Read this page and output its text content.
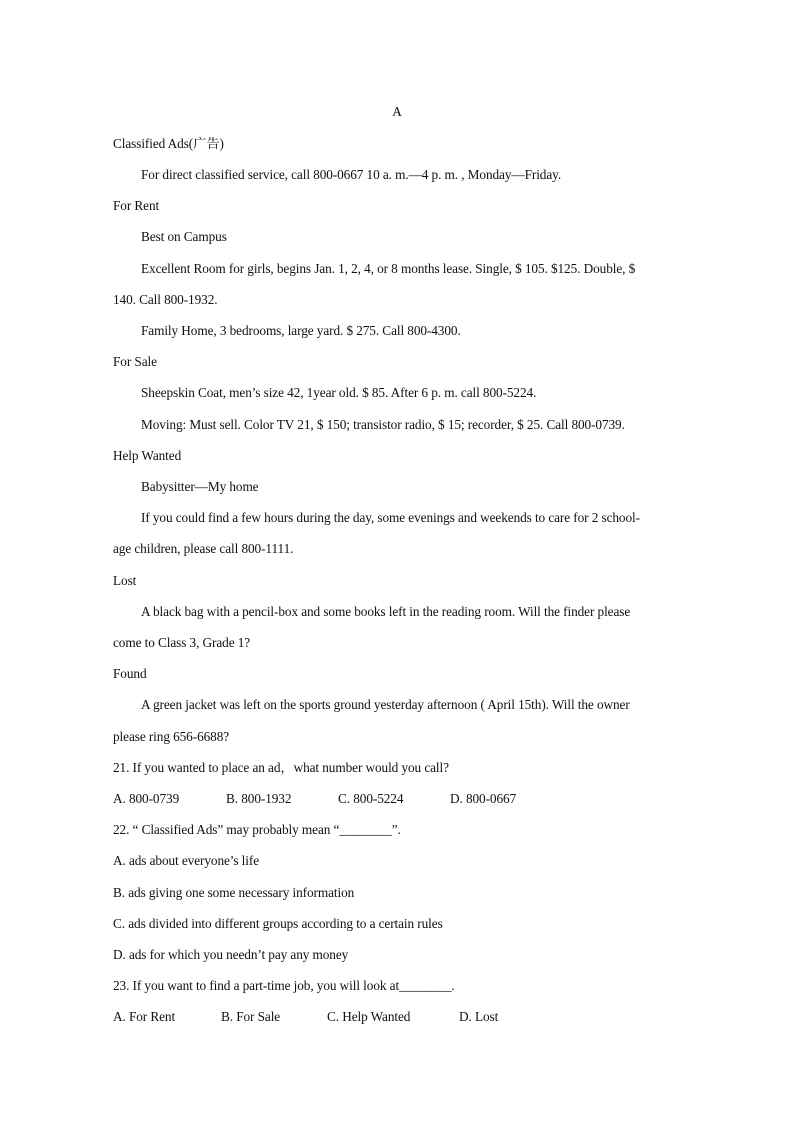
A
Classified Ads(广告)
For direct classified service, call 800-0667 10 a. m.—4 p. m. , Monday—Friday.
For Rent
Best on Campus
Excellent Room for girls, begins Jan. 1, 2, 4, or 8 months lease. Single, $ 105. $125. Double, $
140. Call 800-1932.
Family Home, 3 bedrooms, large yard. $ 275. Call 800-4300.
For Sale
Sheepskin Coat, men’s size 42, 1year old. $ 85. After 6 p. m. call 800-5224.
Moving: Must sell. Color TV 21, $ 150; transistor radio, $ 15; recorder, $ 25. Call 800-0739.
Help Wanted
Babysitter—My home
If you could find a few hours during the day, some evenings and weekends to care for 2 school-
age children, please call 800-1111.
Lost
A black bag with a pencil-box and some books left in the reading room. Will the finder please
come to Class 3, Grade 1?
Found
A green jacket was left on the sports ground yesterday afternoon ( April 15th). Will the owner
please ring 656-6688?
21. If you wanted to place an ad，what number would you call?
A. 800-0739	B. 800-1932	C. 800-5224	D. 800-0667
22. “ Classified Ads” may probably mean “________”.
A. ads about everyone’s life
B. ads giving one some necessary information
C. ads divided into different groups according to a certain rules
D. ads for which you needn’t pay any money
23. If you want to find a part-time job, you will look at________.
A. For Rent	B. For Sale	C. Help Wanted	D. Lost
